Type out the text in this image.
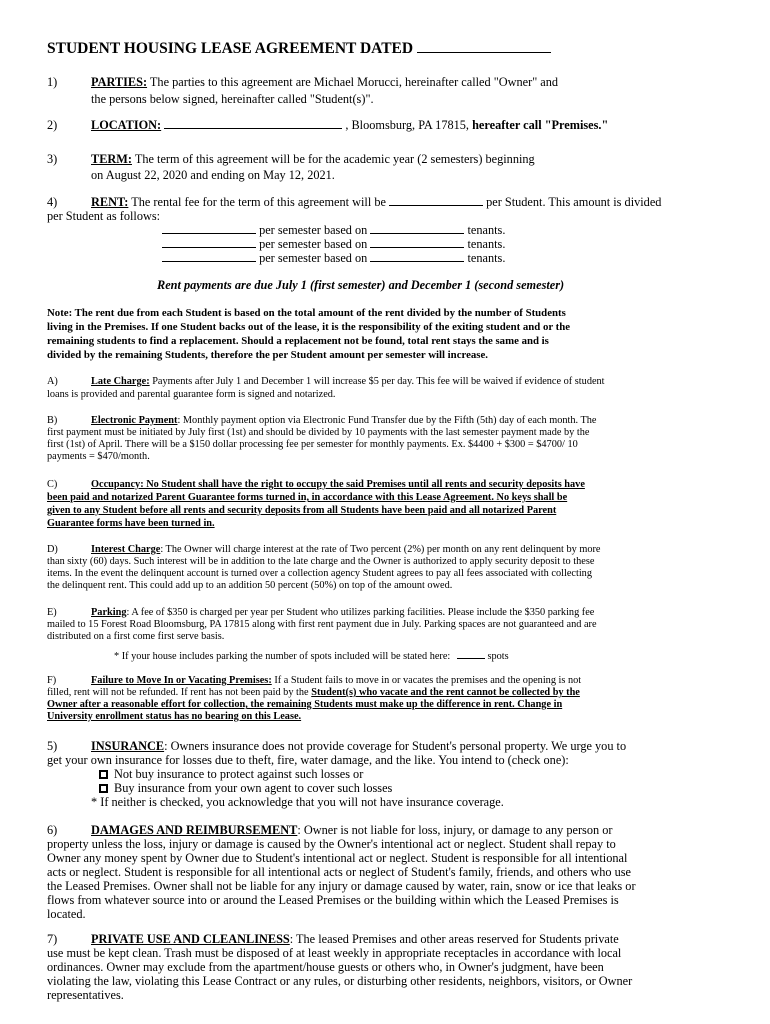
STUDENT HOUSING LEASE AGREEMENT DATED
1)	PARTIES: The parties to this agreement are Michael Morucci, hereinafter called "Owner" and
the persons below signed, hereinafter called "Student(s)".
2)	LOCATION:	, Bloomsburg, PA 17815, hereafter call "Premises."
3)	TERM: The term of this agreement will be for the academic year (2 semesters) beginning
on August 22, 2020 and ending on May 12, 2021.
4)	RENT: The rental fee for the term of this agreement will be	per Student. This amount is divided
per Student as follows:
per semester based on	tenants.
per semester based on	tenants.
per semester based on	tenants.
Rent payments are due July 1 (first semester) and December 1 (second semester)
Note: The rent due from each Student is based on the total amount of the rent divided by the number of Students
living in the Premises. If one Student backs out of the lease, it is the responsibility of the exiting student and or the
remaining students to find a replacement. Should a replacement not be found, total rent stays the same and is
divided by the remaining Students, therefore the per Student amount per semester will increase.
A)	Late Charge: Payments after July 1 and December 1 will increase $5 per day. This fee will be waived if evidence of student
loans is provided and parental guarantee form is signed and notarized.
B)	Electronic Payment: Monthly payment option via Electronic Fund Transfer due by the Fifth (5th) day of each month. The
first payment must be initiated by July first (1st) and should be divided by 10 payments with the last semester payment made by the
first (1st) of April. There will be a $150 dollar processing fee per semester for monthly payments. Ex. $4400 + $300 = $4700/ 10
payments = $470/month.
C)	Occupancy: No Student shall have the right to occupy the said Premises until all rents and security deposits have
been paid and notarized Parent Guarantee forms turned in, in accordance with this Lease Agreement. No keys shall be
given to any Student before all rents and security deposits from all Students have been paid and all notarized Parent
Guarantee forms have been turned in.
D)	Interest Charge: The Owner will charge interest at the rate of Two percent (2%) per month on any rent delinquent by more
than sixty (60) days. Such interest will be in addition to the late charge and the Owner is authorized to apply security deposit to these
items. In the event the delinquent account is turned over a collection agency Student agrees to pay all fees associated with collecting
the delinquent rent. This could add up to an addition 50 percent (50%) on top of the amount owed.
E)	Parking: A fee of $350 is charged per year per Student who utilizes parking facilities. Please include the $350 parking fee
mailed to 15 Forest Road Bloomsburg, PA 17815 along with first rent payment due in July. Parking spaces are not guaranteed and are
distributed on a first come first serve basis.
* If your house includes parking the number of spots included will be stated here:	spots
F)	Failure to Move In or Vacating Premises: If a Student fails to move in or vacates the premises and the opening is not
filled, rent will not be refunded. If rent has not been paid by the Student(s) who vacate and the rent cannot be collected by the
Owner after a reasonable effort for collection, the remaining Students must make up the difference in rent. Change in
University enrollment status has no bearing on this Lease.
5)	INSURANCE: Owners insurance does not provide coverage for Student's personal property. We urge you to
get your own insurance for losses due to theft, fire, water damage, and the like. You intend to (check one):
Not buy insurance to protect against such losses or
Buy insurance from your own agent to cover such losses
* If neither is checked, you acknowledge that you will not have insurance coverage.
6)	DAMAGES AND REIMBURSEMENT: Owner is not liable for loss, injury, or damage to any person or
property unless the loss, injury or damage is caused by the Owner's intentional act or neglect. Student shall repay to
Owner any money spent by Owner due to Student's intentional act or neglect. Student is responsible for all intentional
acts or neglect. Student is responsible for all intentional acts or neglect of Student's family, friends, and others who use
the Leased Premises. Owner shall not be liable for any injury or damage caused by water, rain, snow or ice that leaks or
flows from whatever source into or around the Leased Premises or the building within which the Leased Premises is
located.
7)	PRIVATE USE AND CLEANLINESS: The leased Premises and other areas reserved for Students private
use must be kept clean. Trash must be disposed of at least weekly in appropriate receptacles in accordance with local
ordinances. Owner may exclude from the apartment/house guests or others who, in Owner's judgment, have been
violating the law, violating this Lease Contract or any rules, or disturbing other residents, neighbors, visitors, or Owner
representatives.
